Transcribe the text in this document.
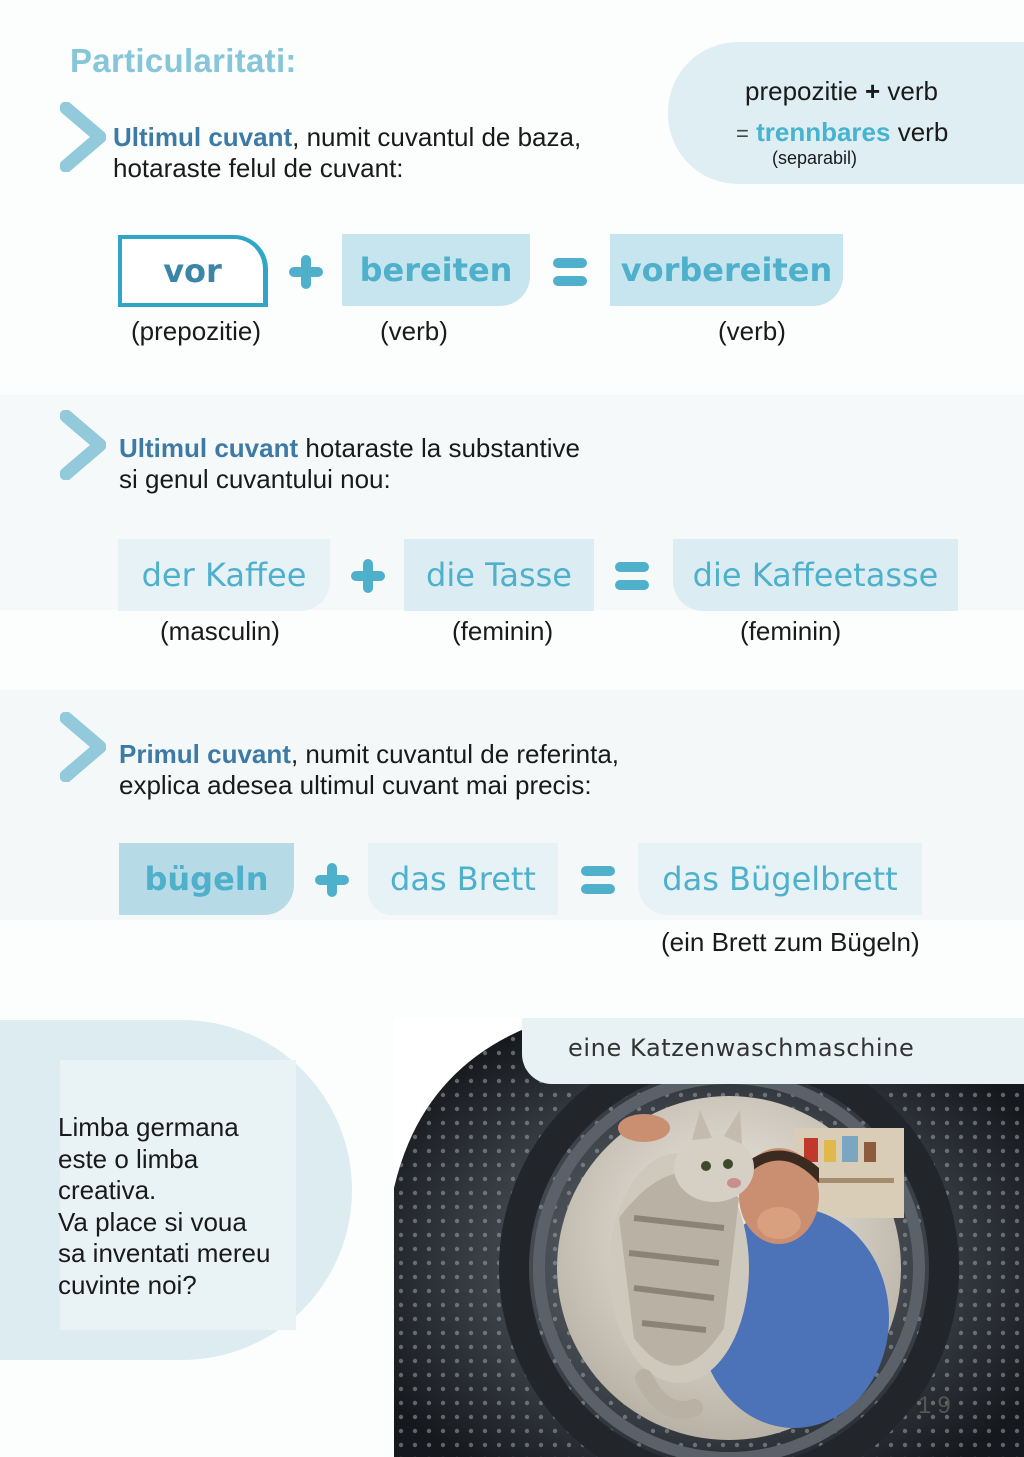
Particularitati:
prepozitie + verb
= trennbares verb
(separabil)
Ultimul cuvant, numit cuvantul de baza,
hotaraste felul de cuvant:
vor	bereiten	vorbereiten
(prepozitie)	(verb)	(verb)
Ultimul cuvant hotaraste la substantive
si genul cuvantului nou:
der Kaffee	die Tasse	die Kaffeetasse
(masculin)	(feminin)	(feminin)
Primul cuvant, numit cuvantul de referinta,
explica adesea ultimul cuvant mai precis:
bügeln	das Brett	das Bügelbrett
(ein Brett zum Bügeln)
Limba germana
este o limba
creativa.
Va place si voua
sa inventati mereu
cuvinte noi?
eine Katzenwaschmaschine
19
